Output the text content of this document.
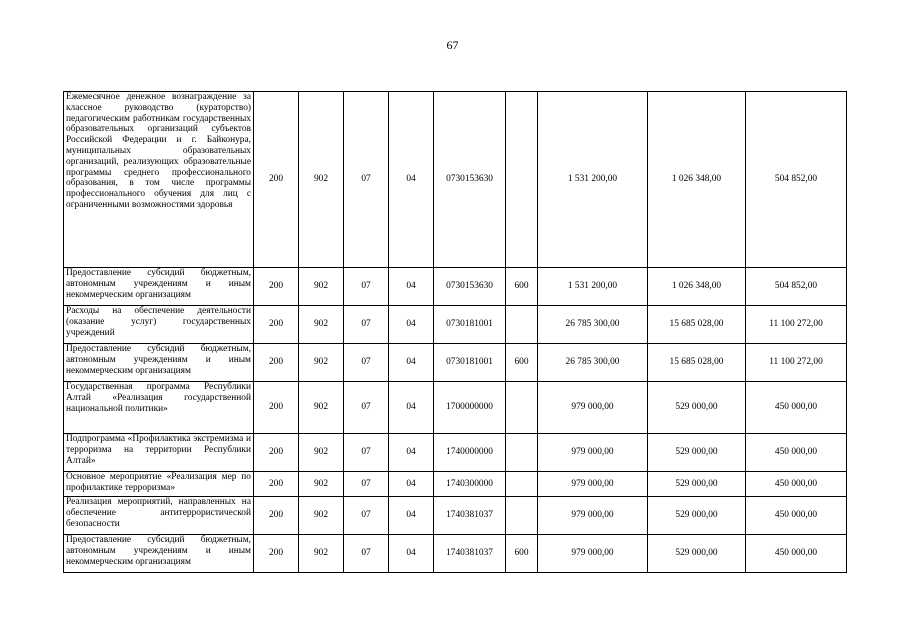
67
Ежемесячное денежное вознаграждение за классное руководство (кураторство) педагогическим работникам государственных образовательных организаций субъектов Российской Федерации и г. Байконура, муниципальных образовательных организаций, реализующих образовательные программы среднего профессионального образования, в том числе программы профессионального обучения для лиц с ограниченными возможностями здоровья	200	902	07	04	0730153630		1 531 200,00	1 026 348,00	504 852,00
Предоставление субсидий бюджетным, автономным учреждениям и иным некоммерческим организациям	200	902	07	04	0730153630	600	1 531 200,00	1 026 348,00	504 852,00
Расходы на обеспечение деятельности (оказание услуг) государственных учреждений	200	902	07	04	0730181001		26 785 300,00	15 685 028,00	11 100 272,00
Предоставление субсидий бюджетным, автономным учреждениям и иным некоммерческим организациям	200	902	07	04	0730181001	600	26 785 300,00	15 685 028,00	11 100 272,00
Государственная программа Республики Алтай «Реализация государственной национальной политики»	200	902	07	04	1700000000		979 000,00	529 000,00	450 000,00
Подпрограмма «Профилактика экстремизма и терроризма на территории Республики Алтай»	200	902	07	04	1740000000		979 000,00	529 000,00	450 000,00
Основное мероприятие «Реализация мер по профилактике терроризма»	200	902	07	04	1740300000		979 000,00	529 000,00	450 000,00
Реализация мероприятий, направленных на обеспечение антитеррористической безопасности	200	902	07	04	1740381037		979 000,00	529 000,00	450 000,00
Предоставление субсидий бюджетным, автономным учреждениям и иным некоммерческим организациям	200	902	07	04	1740381037	600	979 000,00	529 000,00	450 000,00
